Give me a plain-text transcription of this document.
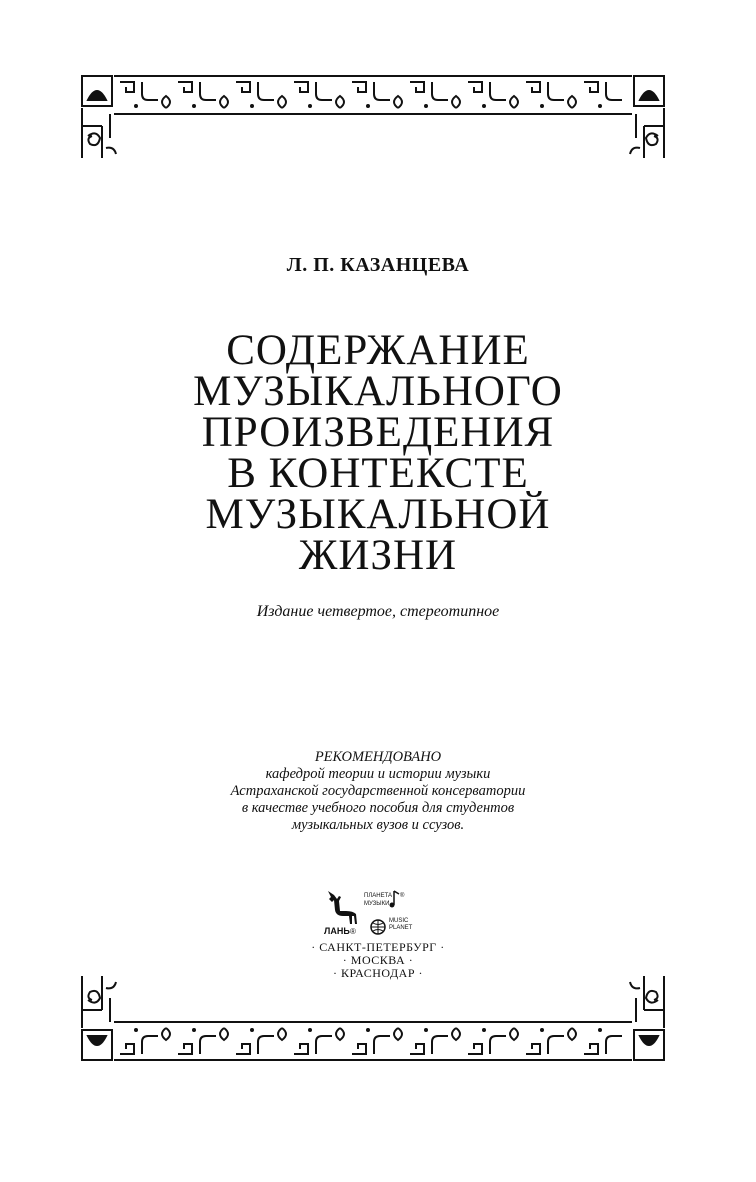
Л. П. КАЗАНЦЕВА
СОДЕРЖАНИЕ
МУЗЫКАЛЬНОГО
ПРОИЗВЕДЕНИЯ
В КОНТЕКСТЕ
МУЗЫКАЛЬНОЙ
ЖИЗНИ
Издание четвертое, стереотипное
РЕКОМЕНДОВАНО
кафедрой теории и истории музыки
Астраханской государственной консерватории
в качестве учебного пособия для студентов
музыкальных вузов и ссузов.
ЛАНЬ ®
ПЛАНЕТА
МУЗЫКИ
®
MUSIC
PLANET
· САНКТ-ПЕТЕРБУРГ ·
· МОСКВА ·
· КРАСНОДАР ·
